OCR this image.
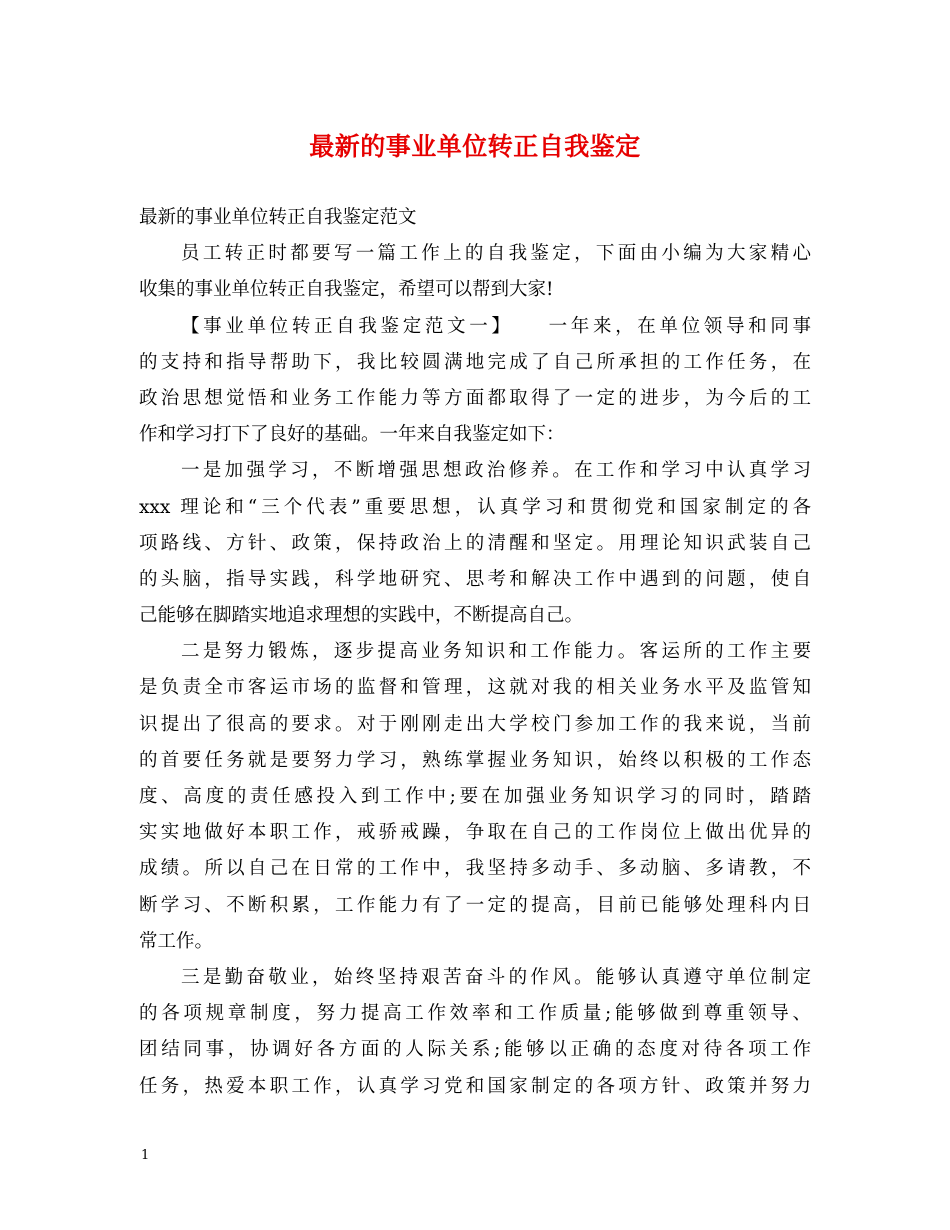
最新的事业单位转正自我鉴定
最新的事业单位转正自我鉴定范文
员工转正时都要写一篇工作上的自我鉴定，下面由小编为大家精心
收集的事业单位转正自我鉴定，希望可以帮到大家!
【事业单位转正自我鉴定范文一】　　一年来，在单位领导和同事
的支持和指导帮助下，我比较圆满地完成了自己所承担的工作任务，在
政治思想觉悟和业务工作能力等方面都取得了一定的进步，为今后的工
作和学习打下了良好的基础。一年来自我鉴定如下：
一是加强学习，不断增强思想政治修养。在工作和学习中认真学习
xxx 理论和“三个代表”重要思想，认真学习和贯彻党和国家制定的各
项路线、方针、政策，保持政治上的清醒和坚定。用理论知识武装自己
的头脑，指导实践，科学地研究、思考和解决工作中遇到的问题，使自
己能够在脚踏实地追求理想的实践中，不断提高自己。
二是努力锻炼，逐步提高业务知识和工作能力。客运所的工作主要
是负责全市客运市场的监督和管理，这就对我的相关业务水平及监管知
识提出了很高的要求。对于刚刚走出大学校门参加工作的我来说，当前
的首要任务就是要努力学习，熟练掌握业务知识，始终以积极的工作态
度、高度的责任感投入到工作中;要在加强业务知识学习的同时，踏踏
实实地做好本职工作，戒骄戒躁，争取在自己的工作岗位上做出优异的
成绩。所以自己在日常的工作中，我坚持多动手、多动脑、多请教，不
断学习、不断积累，工作能力有了一定的提高，目前已能够处理科内日
常工作。
三是勤奋敬业，始终坚持艰苦奋斗的作风。能够认真遵守单位制定
的各项规章制度，努力提高工作效率和工作质量;能够做到尊重领导、
团结同事，协调好各方面的人际关系;能够以正确的态度对待各项工作
任务，热爱本职工作，认真学习党和国家制定的各项方针、政策并努力
1
